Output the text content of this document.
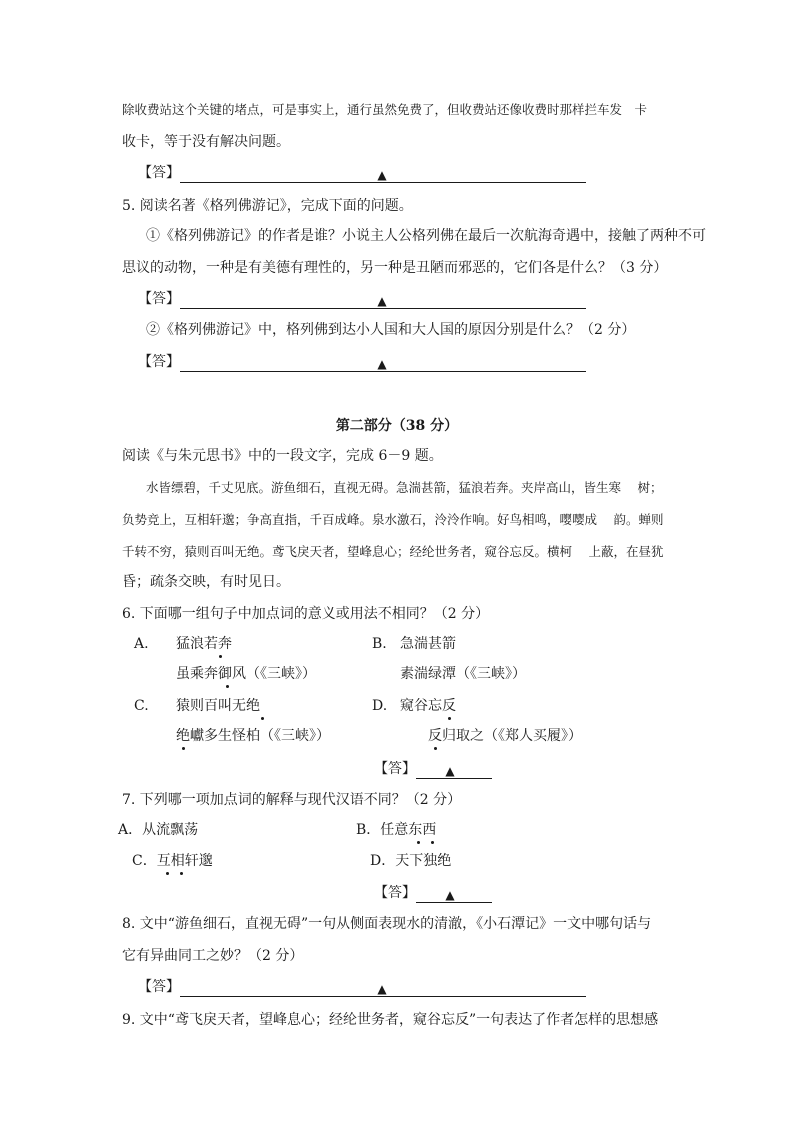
除收费站这个关键的堵点，可是事实上，通行虽然免费了，但收费站还像收费时那样拦车发　卡
收卡，等于没有解决问题。
【答】	▲
5. 阅读名著《格列佛游记》，完成下面的问题。
①《格列佛游记》的作者是谁？小说主人公格列佛在最后一次航海奇遇中，接触了两种不可
思议的动物，一种是有美德有理性的，另一种是丑陋而邪恶的，它们各是什么？（3 分）
【答】	▲
②《格列佛游记》中，格列佛到达小人国和大人国的原因分别是什么？（2 分）
【答】	▲
第二部分（38 分）
阅读《与朱元思书》中的一段文字，完成 6－9 题。
水皆缥碧，千丈见底。游鱼细石，直视无碍。急湍甚箭，猛浪若奔。夹岸高山，皆生寒　 树；
负势竞上，互相轩邈；争高直指，千百成峰。泉水激石，泠泠作响。好鸟相鸣，嘤嘤成　 韵。蝉则
千转不穷，猿则百叫无绝。鸢飞戾天者，望峰息心；经纶世务者，窥谷忘反。横柯　 上蔽，在昼犹
昏；疏条交映，有时见日。
6. 下面哪一组句子中加点词的意义或用法不相同？（2 分）
A. 猛浪若奔
虽乘奔御风（《三峡》）
B. 急湍甚箭
素湍绿潭（《三峡》）
C. 猿则百叫无绝
绝巘多生怪柏（《三峡》）
D. 窥谷忘反
反归取之（《郑人买履》）
【答】 ▲
7. 下列哪一项加点词的解释与现代汉语不同？（2 分）
A．从流飘荡	B．任意东西
C．互相轩邈	D．天下独绝
【答】 ▲
8. 文中“游鱼细石，直视无碍”一句从侧面表现水的清澈，《小石潭记》一文中哪句话与
它有异曲同工之妙？（2 分）
【答】	▲
9. 文中“鸢飞戾天者，望峰息心；经纶世务者，窥谷忘反”一句表达了作者怎样的思想感
